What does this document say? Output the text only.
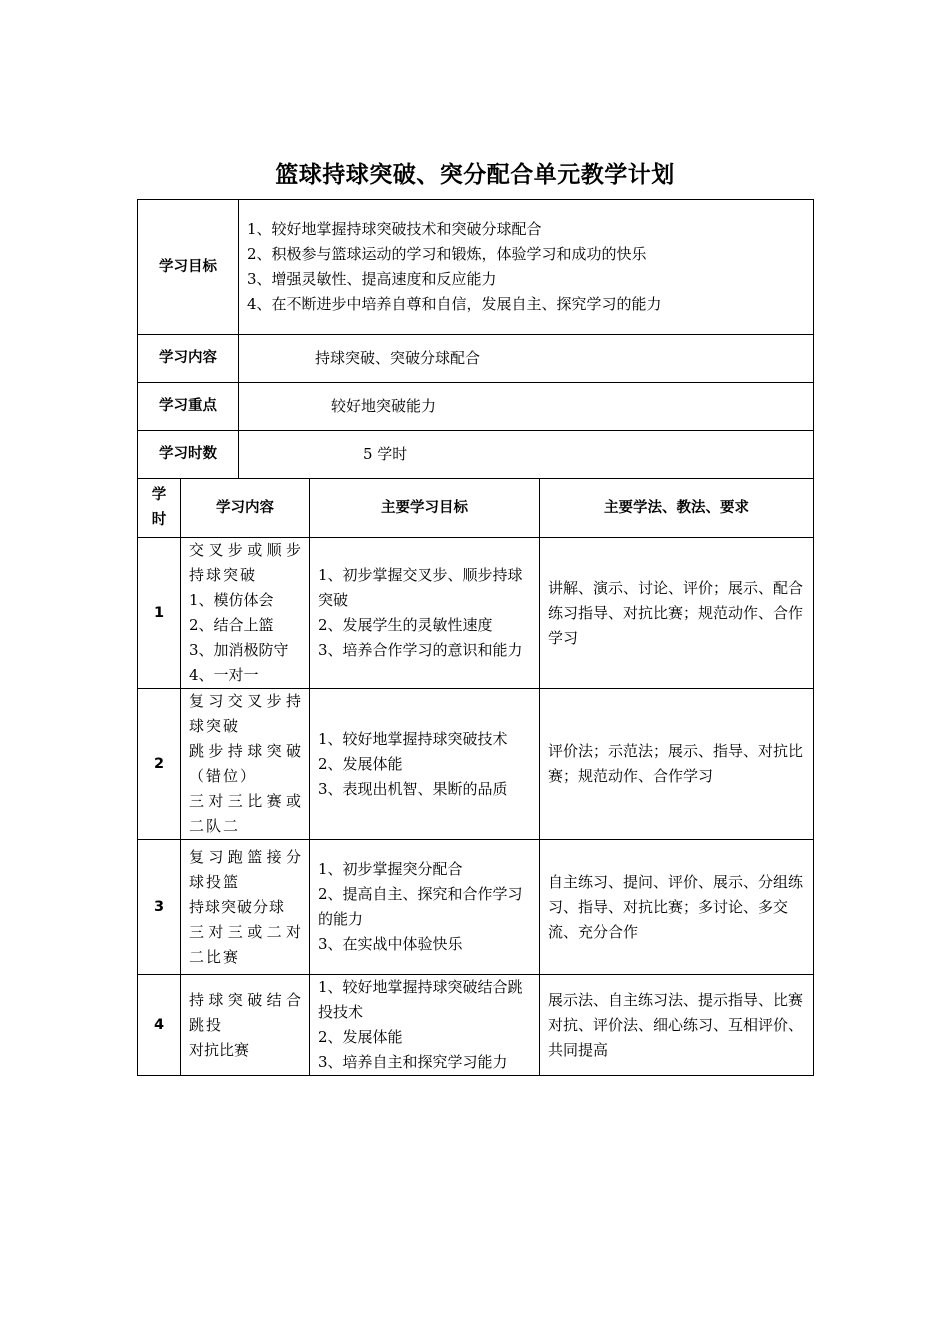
篮球持球突破、突分配合单元教学计划
学习目标		1、较好地掌握持球突破技术和突破分球配合
2、积极参与篮球运动的学习和锻炼，体验学习和成功的快乐
3、增强灵敏性、提高速度和反应能力
4、在不断进步中培养自尊和自信，发展自主、探究学习的能力		

学习内容		持球突破、突破分球配合		
学习重点		较好地突破能力		
学习时数		5 学时		

学
时	学习内容		主要学习目标	主要学法、教法、要求
1	交叉步或顺步持球突破
1、模仿体会
2、结合上篮
3、加消极防守
4、一对一		1、初步掌握交叉步、顺步持球突破
2、发展学生的灵敏性速度
3、培养合作学习的意识和能力	讲解、演示、讨论、评价；展示、配合练习指导、对抗比赛；规范动作、合作学习
2	复习交叉步持球突破
跳步持球突破（错位）
三对三比赛或二队二		1、较好地掌握持球突破技术
2、发展体能
3、表现出机智、果断的品质	评价法；示范法；展示、指导、对抗比赛；规范动作、合作学习
3	复习跑篮接分球投篮
持球突破分球
三对三或二对二比赛		1、初步掌握突分配合
2、提高自主、探究和合作学习的能力
3、在实战中体验快乐	自主练习、提问、评价、展示、分组练习、指导、对抗比赛；多讨论、多交流、充分合作
4	持球突破结合跳投
对抗比赛		1、较好地掌握持球突破结合跳投技术
2、发展体能
3、培养自主和探究学习能力	展示法、自主练习法、提示指导、比赛对抗、评价法、细心练习、互相评价、共同提高
